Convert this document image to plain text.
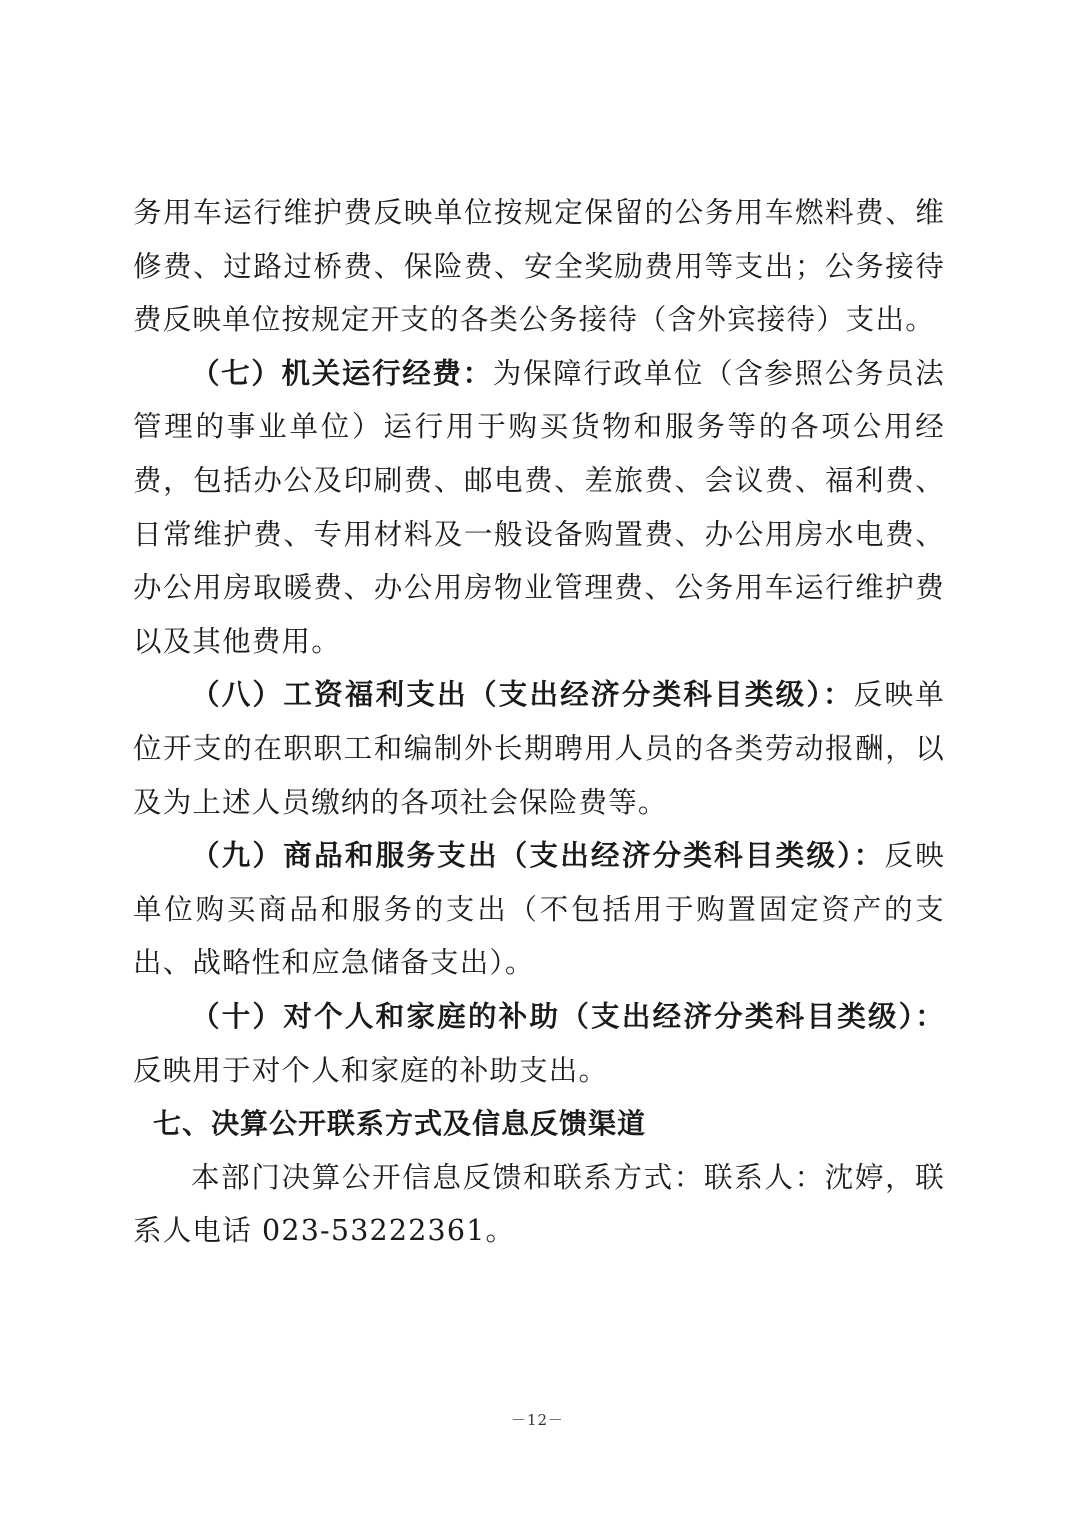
务用车运行维护费反映单位按规定保留的公务用车燃料费、维修费、过路过桥费、保险费、安全奖励费用等支出；公务接待费反映单位按规定开支的各类公务接待（含外宾接待）支出。

（七）机关运行经费：为保障行政单位（含参照公务员法管理的事业单位）运行用于购买货物和服务等的各项公用经费，包括办公及印刷费、邮电费、差旅费、会议费、福利费、日常维护费、专用材料及一般设备购置费、办公用房水电费、办公用房取暖费、办公用房物业管理费、公务用车运行维护费以及其他费用。

（八）工资福利支出（支出经济分类科目类级）：反映单位开支的在职职工和编制外长期聘用人员的各类劳动报酬，以及为上述人员缴纳的各项社会保险费等。

（九）商品和服务支出（支出经济分类科目类级）：反映单位购买商品和服务的支出（不包括用于购置固定资产的支出、战略性和应急储备支出）。

（十）对个人和家庭的补助（支出经济分类科目类级）：反映用于对个人和家庭的补助支出。

七、决算公开联系方式及信息反馈渠道

本部门决算公开信息反馈和联系方式：联系人：沈婷，联系人电话 023-53222361。

－12－
